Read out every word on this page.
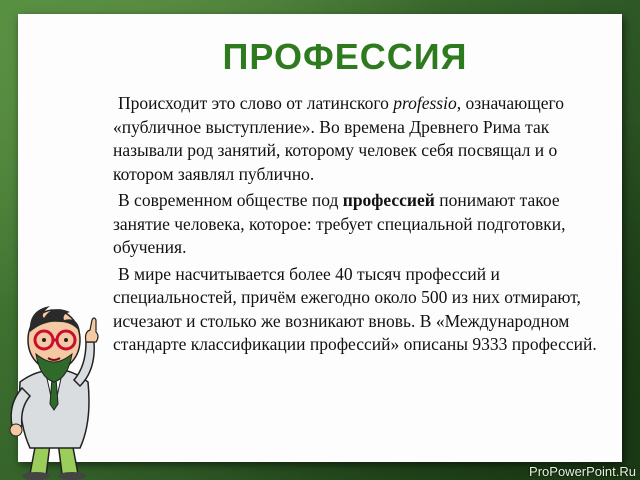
ПРОФЕССИЯ

Происходит это слово от латинского professio, означающего «публичное выступление». Во времена Древнего Рима так называли род занятий, которому человек себя посвящал и о котором заявлял публично.

В современном обществе под профессией понимают такое занятие человека, которое: требует специальной подготовки, обучения.

В мире насчитывается более 40 тысяч профессий и специальностей, причём ежегодно около 500 из них отмирают, исчезают и столько же возникают вновь. В «Международном стандарте классификации профессий» описаны 9333 профессий.

ProPowerPoint.Ru
